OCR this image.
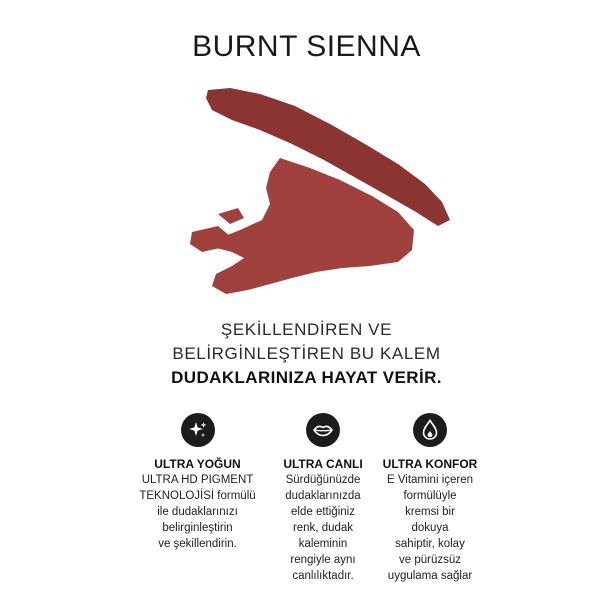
BURNT SIENNA
ŞEKİLLENDİREN VE
BELİRGİNLEŞTİREN BU KALEM
DUDAKLARINIZA HAYAT VERİR.
ULTRA YOĞUN
ULTRA HD PIGMENT
TEKNOLOJİSİ formülü
ile dudaklarınızı
belirginleştirin
ve şekillendirin.
ULTRA CANLI
Sürdüğünüzde
dudaklarınızda
elde ettiğiniz
renk, dudak
kaleminin
rengiyle aynı
canlılıktadır.
ULTRA KONFOR
E Vitamini içeren
formülüyle
kremsi bir
dokuya
sahiptir, kolay
ve pürüzsüz
uygulama sağlar
